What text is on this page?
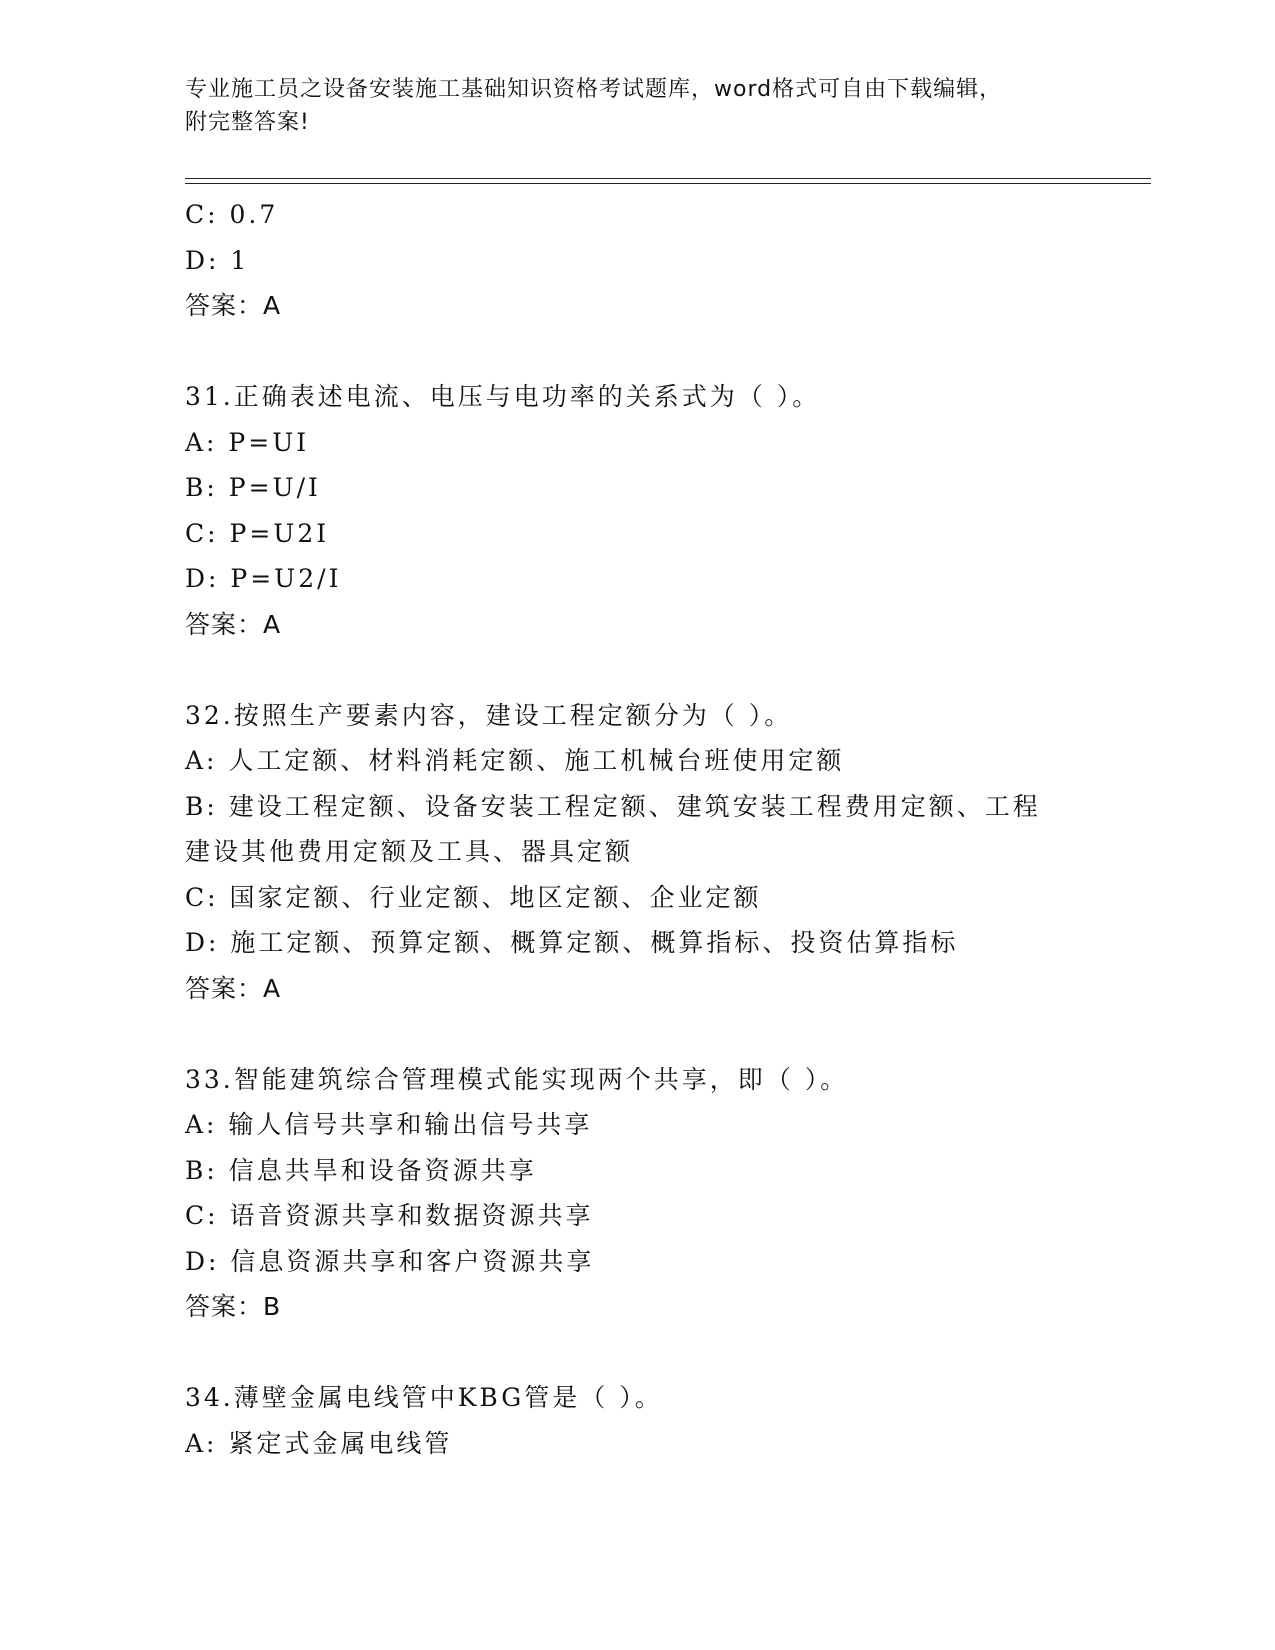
专业施工员之设备安装施工基础知识资格考试题库，word格式可自由下载编辑，
附完整答案!
C: 0.7
D: 1
答案：A
31.正确表述电流、电压与电功率的关系式为（ ）。
A: P=UI
B: P=U/I
C: P=U2I
D: P=U2/I
答案：A
32.按照生产要素内容，建设工程定额分为（ ）。
A: 人工定额、材料消耗定额、施工机械台班使用定额
B: 建设工程定额、设备安装工程定额、建筑安装工程费用定额、工程
建设其他费用定额及工具、器具定额
C: 国家定额、行业定额、地区定额、企业定额
D: 施工定额、预算定额、概算定额、概算指标、投资估算指标
答案：A
33.智能建筑综合管理模式能实现两个共享，即（ ）。
A: 输人信号共享和输出信号共享
B: 信息共旱和设备资源共享
C: 语音资源共享和数据资源共享
D: 信息资源共享和客户资源共享
答案：B
34.薄壁金属电线管中KBG管是（ ）。
A: 紧定式金属电线管
